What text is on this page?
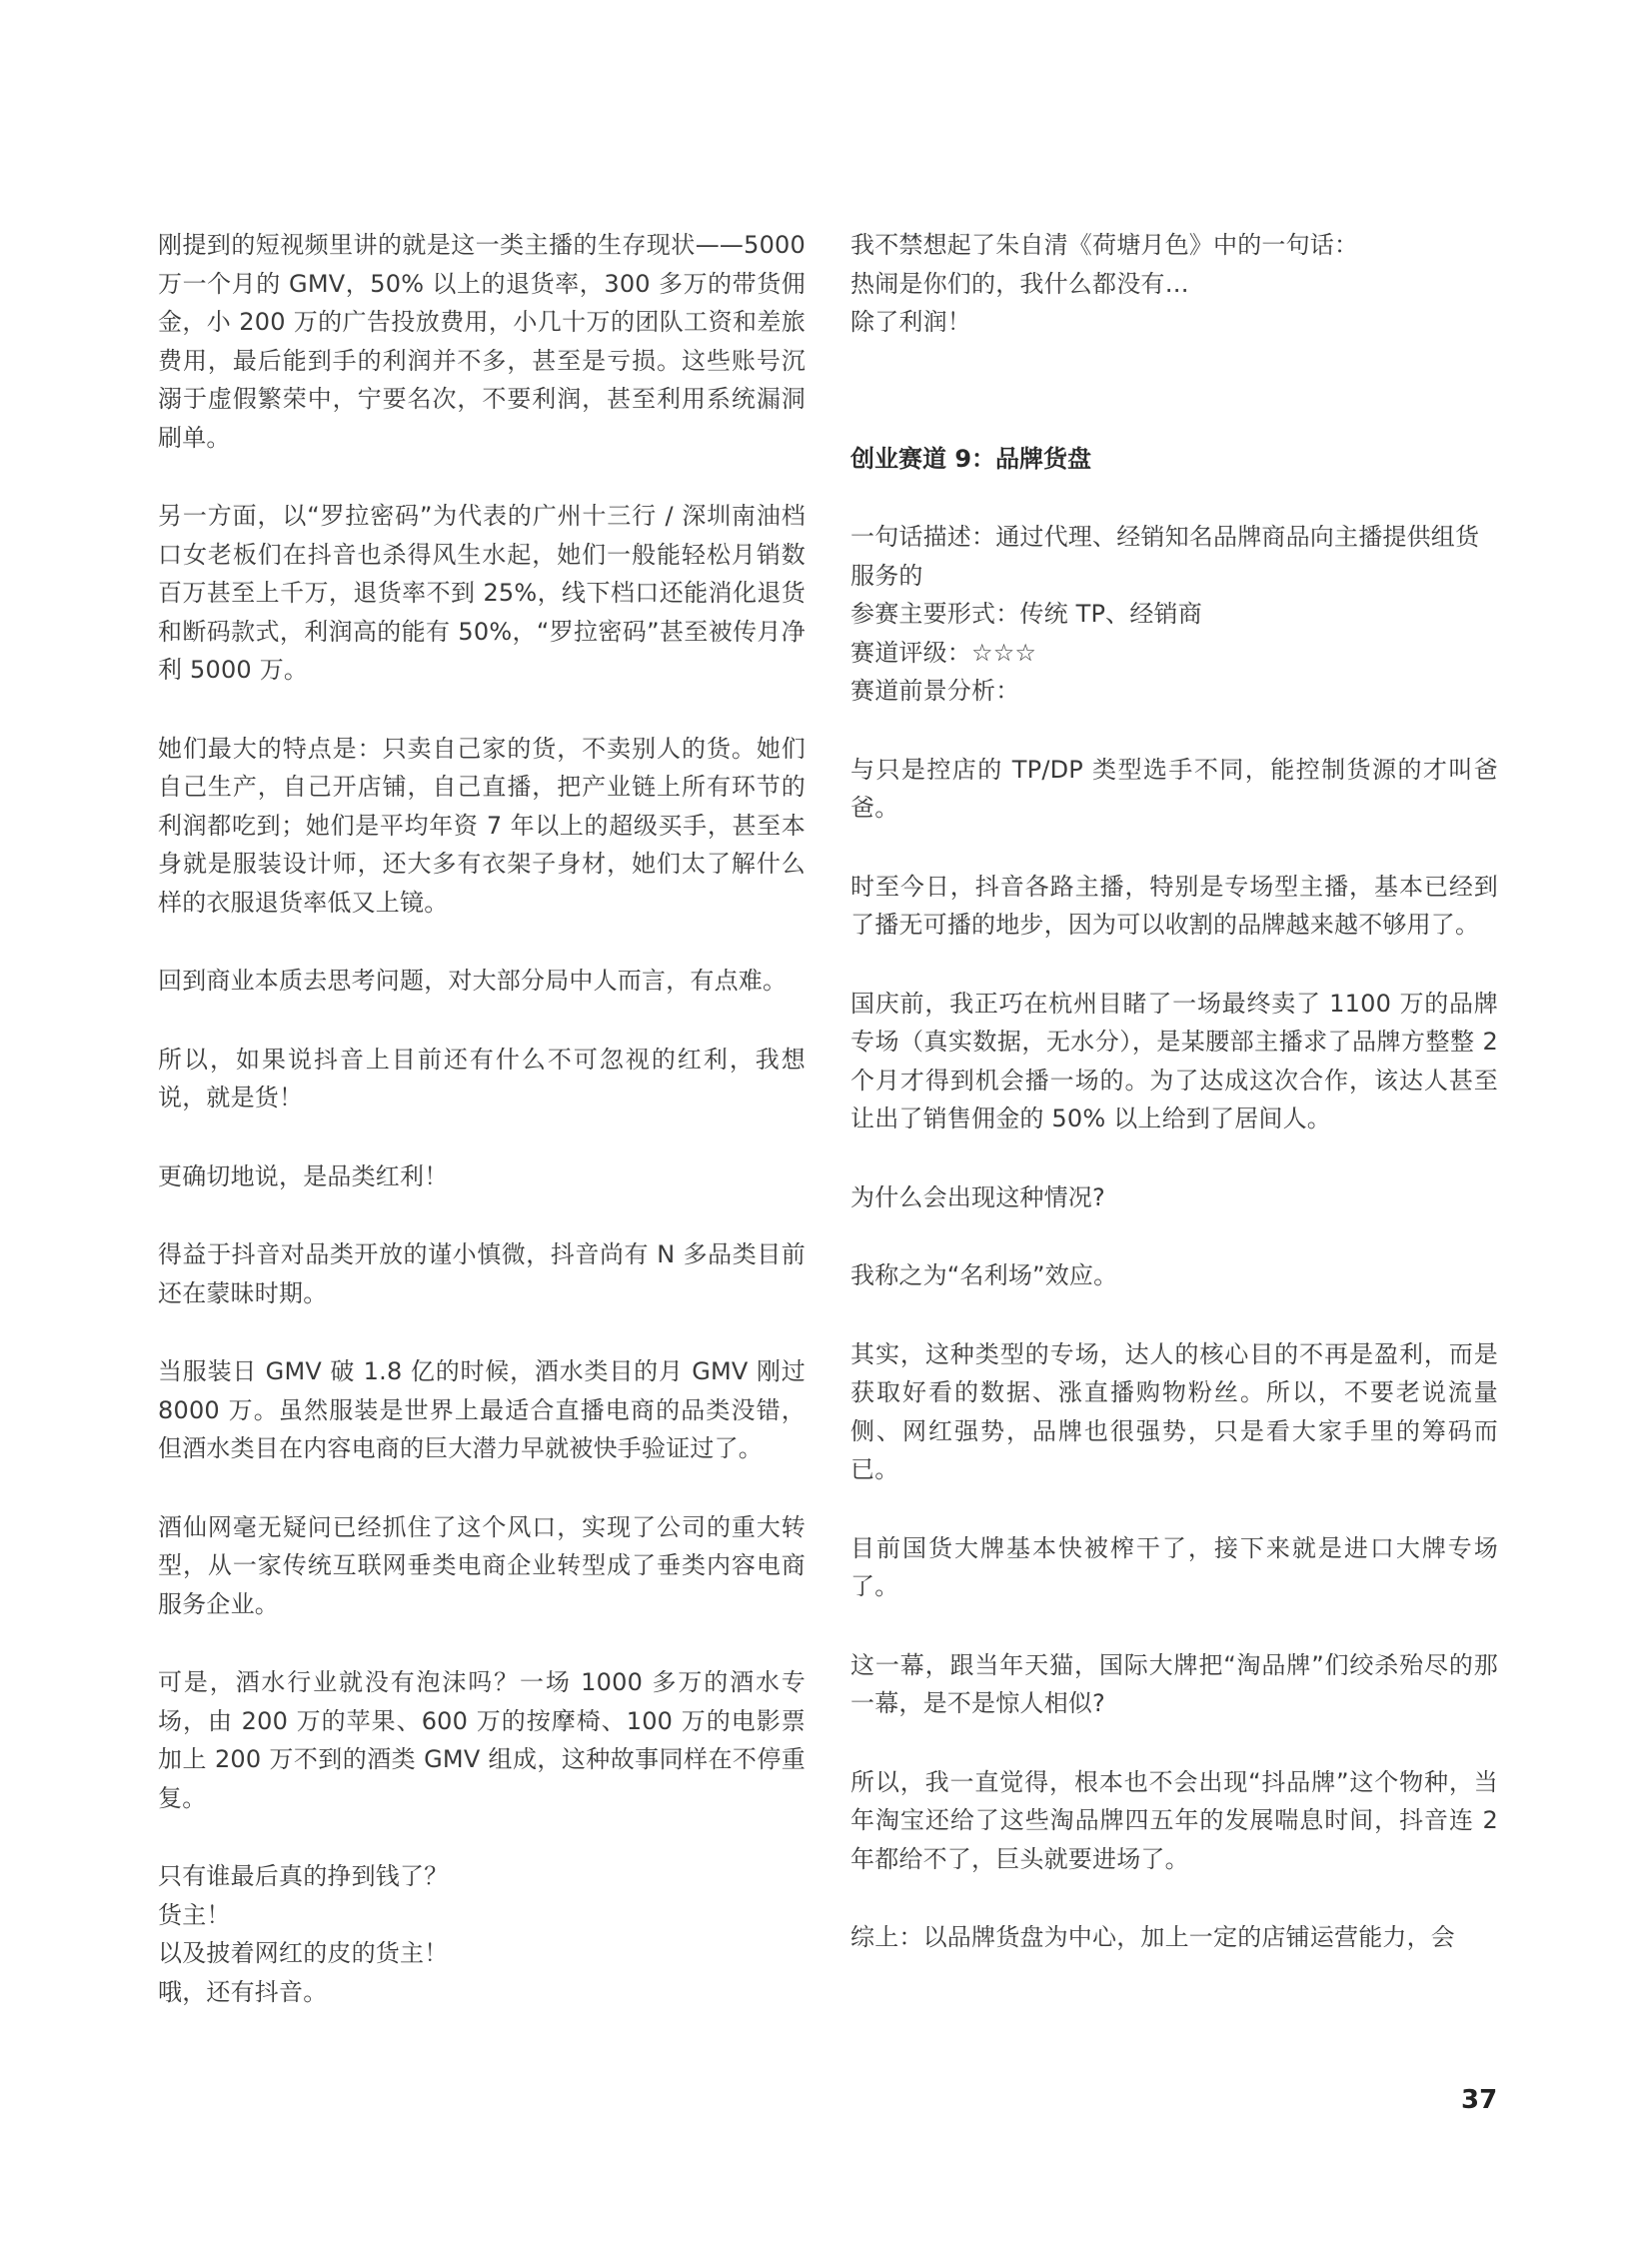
刚提到的短视频里讲的就是这一类主播的生存现状——5000 万一个月的 GMV，50% 以上的退货率，300 多万的带货佣金，小 200 万的广告投放费用，小几十万的团队工资和差旅费用，最后能到手的利润并不多，甚至是亏损。这些账号沉溺于虚假繁荣中，宁要名次，不要利润，甚至利用系统漏洞刷单。

另一方面，以“罗拉密码”为代表的广州十三行 / 深圳南油档口女老板们在抖音也杀得风生水起，她们一般能轻松月销数百万甚至上千万，退货率不到 25%，线下档口还能消化退货和断码款式，利润高的能有 50%，“罗拉密码”甚至被传月净利 5000 万。

她们最大的特点是：只卖自己家的货，不卖别人的货。她们自己生产，自己开店铺，自己直播，把产业链上所有环节的利润都吃到；她们是平均年资 7 年以上的超级买手，甚至本身就是服装设计师，还大多有衣架子身材，她们太了解什么样的衣服退货率低又上镜。

回到商业本质去思考问题，对大部分局中人而言，有点难。

所以，如果说抖音上目前还有什么不可忽视的红利，我想说，就是货！

更确切地说，是品类红利！

得益于抖音对品类开放的谨小慎微，抖音尚有 N 多品类目前还在蒙昧时期。

当服装日 GMV 破 1.8 亿的时候，酒水类目的月 GMV 刚过 8000 万。虽然服装是世界上最适合直播电商的品类没错，但酒水类目在内容电商的巨大潜力早就被快手验证过了。

酒仙网毫无疑问已经抓住了这个风口，实现了公司的重大转型，从一家传统互联网垂类电商企业转型成了垂类内容电商服务企业。

可是，酒水行业就没有泡沫吗？一场 1000 多万的酒水专场，由 200 万的苹果、600 万的按摩椅、100 万的电影票加上 200 万不到的酒类 GMV 组成，这种故事同样在不停重复。

只有谁最后真的挣到钱了？
货主！
以及披着网红的皮的货主！
哦，还有抖音。

我不禁想起了朱自清《荷塘月色》中的一句话：
热闹是你们的，我什么都没有…
除了利润！

创业赛道 9：品牌货盘

一句话描述：通过代理、经销知名品牌商品向主播提供组货服务的
参赛主要形式：传统 TP、经销商
赛道评级：☆☆☆
赛道前景分析：

与只是控店的 TP/DP 类型选手不同，能控制货源的才叫爸爸。

时至今日，抖音各路主播，特别是专场型主播，基本已经到了播无可播的地步，因为可以收割的品牌越来越不够用了。

国庆前，我正巧在杭州目睹了一场最终卖了 1100 万的品牌专场（真实数据，无水分），是某腰部主播求了品牌方整整 2 个月才得到机会播一场的。为了达成这次合作，该达人甚至让出了销售佣金的 50% 以上给到了居间人。

为什么会出现这种情况?

我称之为“名利场”效应。

其实，这种类型的专场，达人的核心目的不再是盈利，而是获取好看的数据、涨直播购物粉丝。所以，不要老说流量侧、网红强势，品牌也很强势，只是看大家手里的筹码而已。

目前国货大牌基本快被榨干了，接下来就是进口大牌专场了。

这一幕，跟当年天猫，国际大牌把“淘品牌”们绞杀殆尽的那一幕，是不是惊人相似?

所以，我一直觉得，根本也不会出现“抖品牌”这个物种，当年淘宝还给了这些淘品牌四五年的发展喘息时间，抖音连 2 年都给不了，巨头就要进场了。

综上：以品牌货盘为中心，加上一定的店铺运营能力，会

37
